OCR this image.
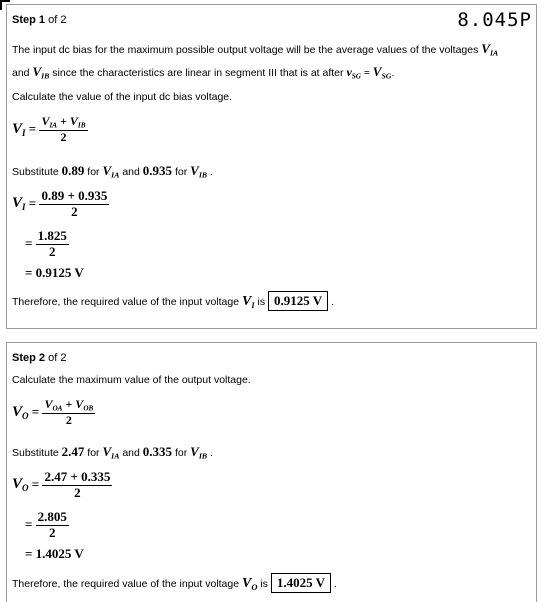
Step 1 of 2	8.045P
The input dc bias for the maximum possible output voltage will be the average values of the voltages $V_{IA}$
and $V_{IB}$ since the characteristics are linear in segment III that is at after $v_{SG} = V_{SG}$.
Calculate the value of the input dc bias voltage.
$V_I = \frac{V_{IA} + V_{IB}}{2}$
Substitute 0.89 for $V_{IA}$ and 0.935 for $V_{IB}$ .
$V_I = \frac{0.89 + 0.935}{2}$
= $\frac{1.825}{2}$
= 0.9125 V
Therefore, the required value of the input voltage $V_I$ is 0.9125 V .
Step 2 of 2
Calculate the maximum value of the output voltage.
$V_O = \frac{V_{OA} + V_{OB}}{2}$
Substitute 2.47 for $V_{IA}$ and 0.335 for $V_{IB}$ .
$V_O = \frac{2.47 + 0.335}{2}$
= $\frac{2.805}{2}$
= 1.4025 V
Therefore, the required value of the input voltage $V_O$ is 1.4025 V .
